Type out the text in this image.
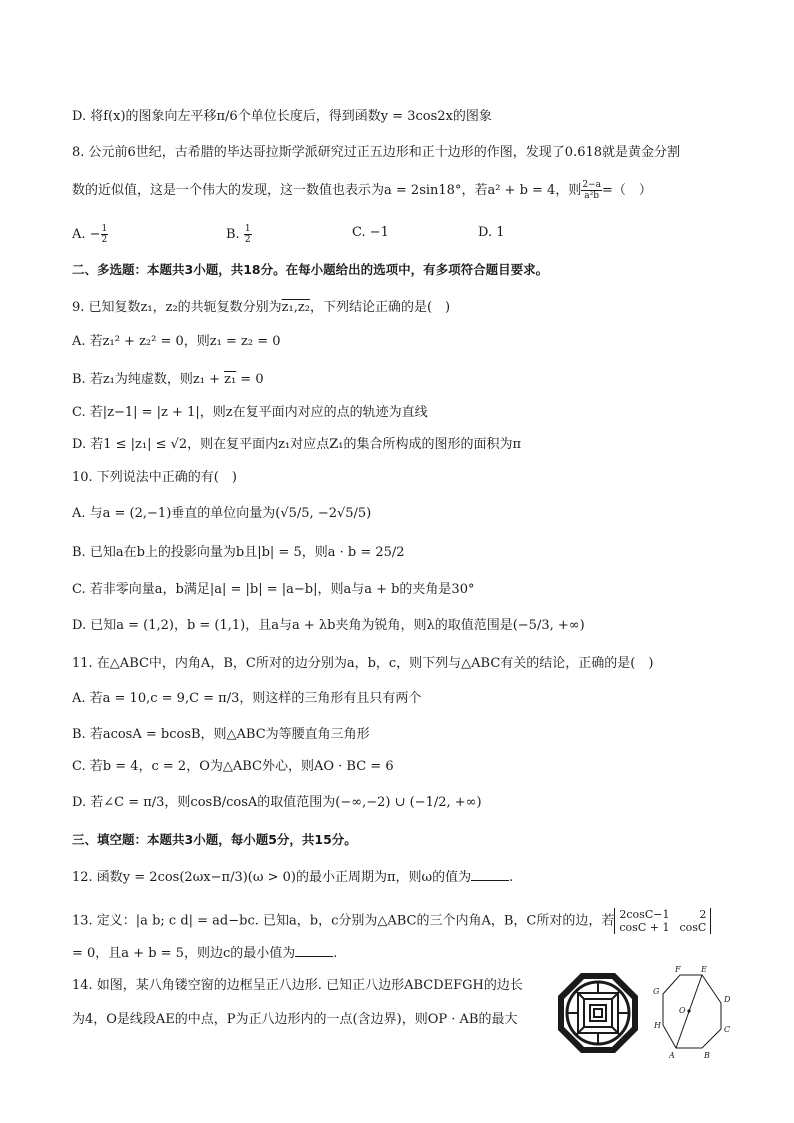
D. 将f(x)的图象向左平移π/6个单位长度后，得到函数y = 3cos2x的图象
8. 公元前6世纪，古希腊的毕达哥拉斯学派研究过正五边形和正十边形的作图，发现了0.618就是黄金分割
数的近似值，这是一个伟大的发现，这一数值也表示为a = 2sin18°，若a² + b = 4，则 $\frac{2-a}{\text{a²b}}$ =（　）
A. − $\frac{1}{2}$	B. $\frac{1}{2}$	C. −1	D. 1
二、多选题：本题共3小题，共18分。在每小题给出的选项中，有多项符合题目要求。
9. 已知复数z₁，z₂的共轭复数分别为z₁,z₂，下列结论正确的是(　)
A. 若z₁² + z₂² = 0，则z₁ = z₂ = 0
B. 若z₁为纯虚数，则z₁ + z₁ = 0
C. 若|z−1| = |z + 1|，则z在复平面内对应的点的轨迹为直线
D. 若1 ≤ |z₁| ≤ √2，则在复平面内z₁对应点Z₁的集合所构成的图形的面积为π
10. 下列说法中正确的有(　)
A. 与a = (2,−1)垂直的单位向量为(√5/5, −2√5/5)
B. 已知a在b上的投影向量为b且|b| = 5，则a · b = 25/2
C. 若非零向量a，b满足|a| = |b| = |a−b|，则a与a + b的夹角是30°
D. 已知a = (1,2)，b = (1,1)，且a与a + λb夹角为锐角，则λ的取值范围是(−5/3, +∞)
11. 在△ABC中，内角A，B，C所对的边分别为a，b，c，则下列与△ABC有关的结论，正确的是(　)
A. 若a = 10,c = 9,C = π/3，则这样的三角形有且只有两个
B. 若acosA = bcosB，则△ABC为等腰直角三角形
C. 若b = 4，c = 2，O为△ABC外心，则AO · BC = 6
D. 若∠C = π/3，则cosB/cosA的取值范围为(−∞,−2) ∪ (−1/2, +∞)
三、填空题：本题共3小题，每小题5分，共15分。
12. 函数y = 2cos(2ωx−π/3)(ω > 0)的最小正周期为π，则ω的值为	.
13. 定义：|a b; c d| = ad−bc. 已知a，b，c分别为△ABC的三个内角A，B，C所对的边，若 2cosC−1	2
cosC + 1 cosC
= 0，且a + b = 5，则边c的最小值为	.
14. 如图，某八角镂空窗的边框呈正八边形. 已知正八边形ABCDEFGH的边长
为4，O是线段AE的中点，P为正八边形内的一点(含边界)，则OP · AB的最大
A	B
C
D
E
F
G
H
O
